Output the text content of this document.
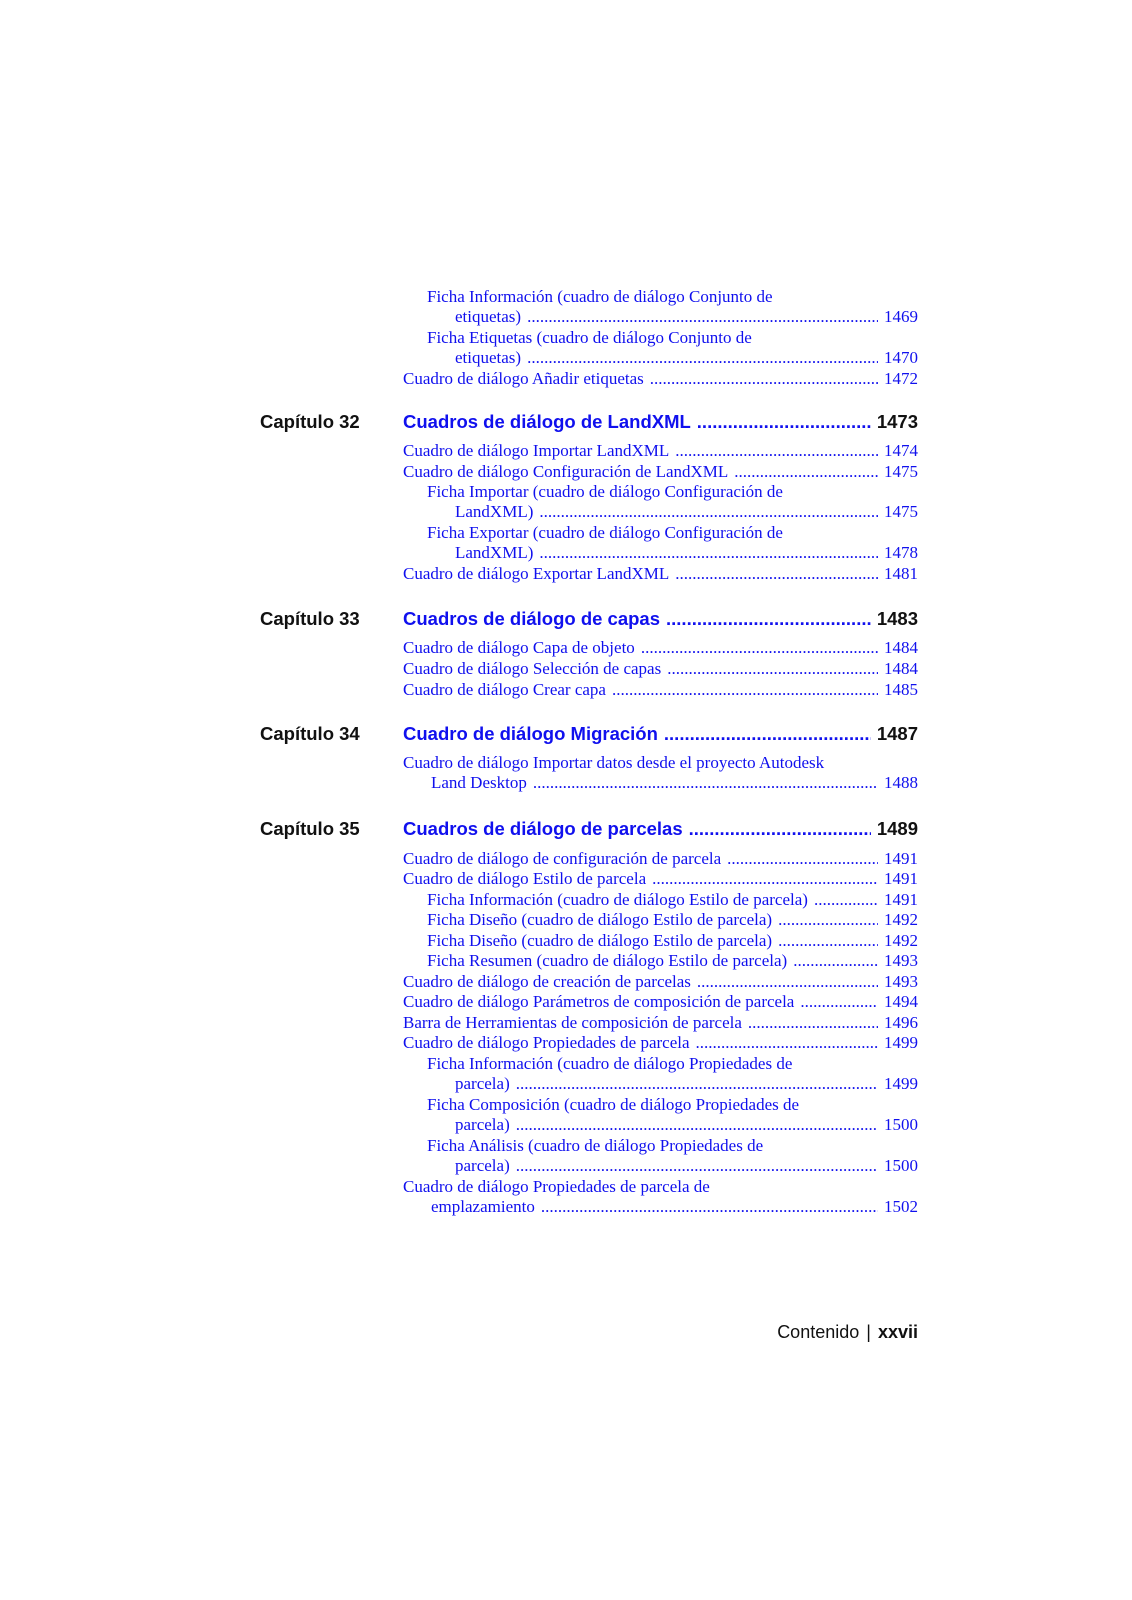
Ficha Información (cuadro de diálogo Conjunto de
etiquetas) .....	1469
Ficha Etiquetas (cuadro de diálogo Conjunto de
etiquetas) .....	1470
Cuadro de diálogo Añadir etiquetas .....	1472
Capítulo 32 Cuadros de diálogo de LandXML .....	1473
Cuadro de diálogo Importar LandXML .....	1474
Cuadro de diálogo Configuración de LandXML .....	1475
Ficha Importar (cuadro de diálogo Configuración de
LandXML) .....	1475
Ficha Exportar (cuadro de diálogo Configuración de
LandXML) .....	1478
Cuadro de diálogo Exportar LandXML .....	1481
Capítulo 33 Cuadros de diálogo de capas .....	1483
Cuadro de diálogo Capa de objeto .....	1484
Cuadro de diálogo Selección de capas .....	1484
Cuadro de diálogo Crear capa .....	1485
Capítulo 34 Cuadro de diálogo Migración .....	1487
Cuadro de diálogo Importar datos desde el proyecto Autodesk
Land Desktop .....	1488
Capítulo 35 Cuadros de diálogo de parcelas .....	1489
Cuadro de diálogo de configuración de parcela .....	1491
Cuadro de diálogo Estilo de parcela .....	1491
Ficha Información (cuadro de diálogo Estilo de parcela) .....	1491
Ficha Diseño (cuadro de diálogo Estilo de parcela) .....	1492
Ficha Diseño (cuadro de diálogo Estilo de parcela) .....	1492
Ficha Resumen (cuadro de diálogo Estilo de parcela) .....	1493
Cuadro de diálogo de creación de parcelas .....	1493
Cuadro de diálogo Parámetros de composición de parcela .....	1494
Barra de Herramientas de composición de parcela .....	1496
Cuadro de diálogo Propiedades de parcela .....	1499
Ficha Información (cuadro de diálogo Propiedades de
parcela) .....	1499
Ficha Composición (cuadro de diálogo Propiedades de
parcela) .....	1500
Ficha Análisis (cuadro de diálogo Propiedades de
parcela) .....	1500
Cuadro de diálogo Propiedades de parcela de
emplazamiento .....	1502
Contenido | xxvii
